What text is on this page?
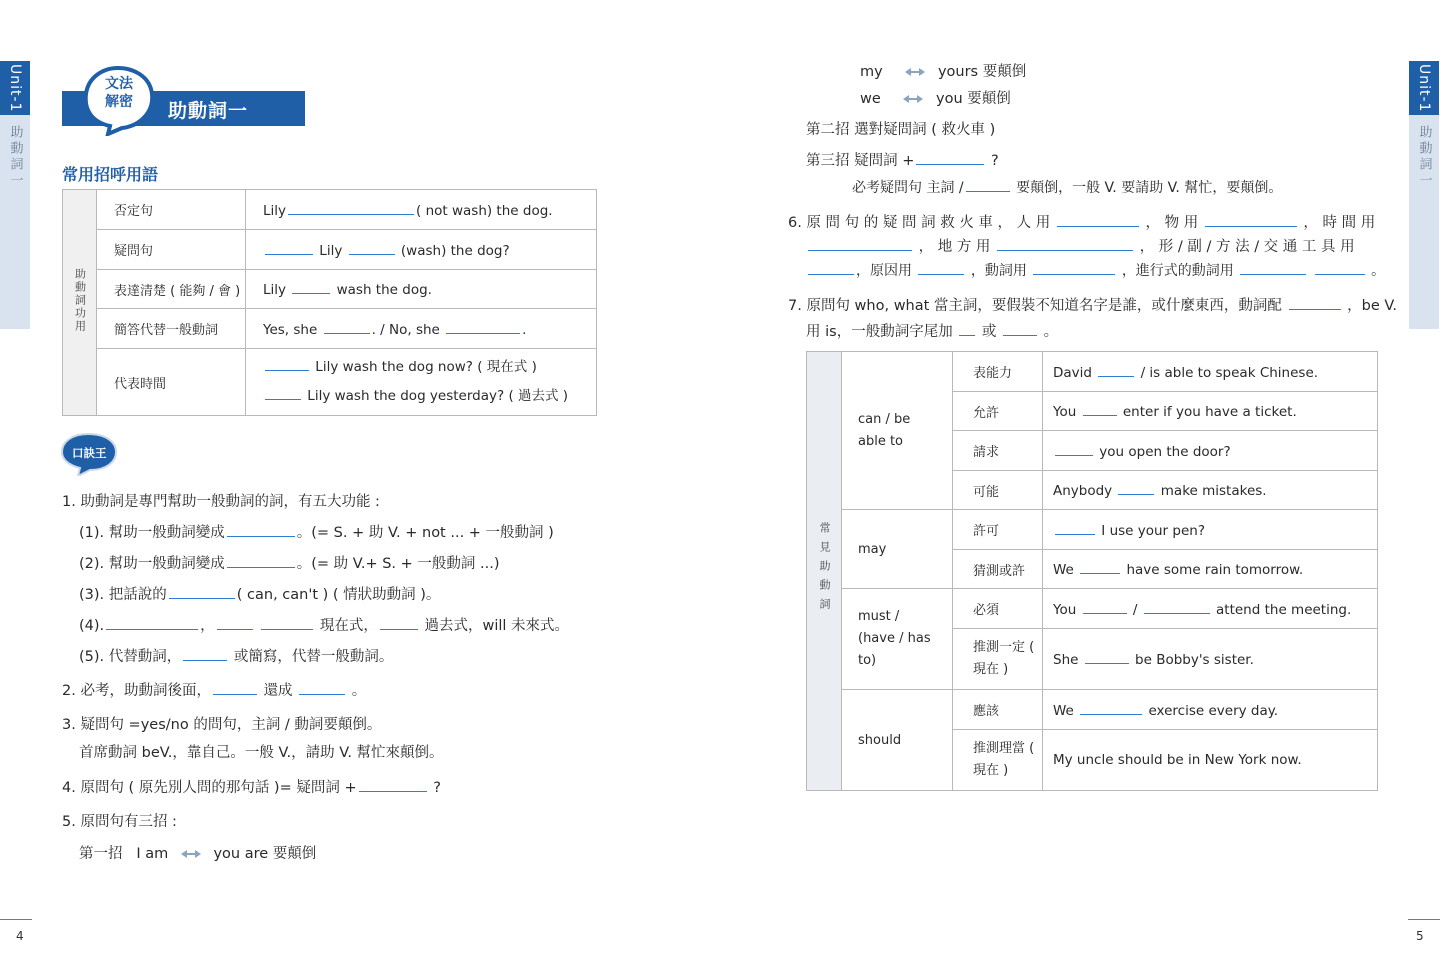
Unit-1
助動詞一
Unit-1
助動詞一
文法
解密 助動詞一
常用招呼用語
助動詞功用	否定句	Lily ( not wash) the dog.
	疑問句	Lily (wash) the dog?
	表達清楚 ( 能夠 / 會 )	Lily wash the dog.
	簡答代替一般動詞	Yes, she . / No, she .
	代表時間	Lily wash the dog now? ( 現在式 )
Lily wash the dog yesterday? ( 過去式 )
口訣王
1. 助動詞是專門幫助一般動詞的詞，有五大功能 :
(1). 幫助一般動詞變成	。(= S. + 助 V. + not ... + 一般動詞 )
(2). 幫助一般動詞變成	。(= 助 V.+ S. + 一般動詞 ...)
(3). 把話說的	( can, can't ) ( 情狀助動詞 )。
(4).	，	現在式，	過去式，will 未來式。
(5). 代替動詞，	或簡寫，代替一般動詞。
2. 必考，助動詞後面，	還成	。
3. 疑問句 =yes/no 的問句，主詞 / 動詞要顛倒。
首席動詞 beV.，靠自己。一般 V.，請助 V. 幫忙來顛倒。
4. 原問句 ( 原先別人問的那句話 )= 疑問詞 +	?
5. 原問句有三招 :
第一招 I am	you are 要顛倒
my	yours 要顛倒
we	you 要顛倒
第二招 選對疑問詞 ( 救火車 )
第三招 疑問詞 +	?
必考疑問句 主詞 /	要顛倒，一般 V. 要請助 V. 幫忙，要顛倒。
6. 原 問 句 的 疑 問 詞 救 火 車 ， 人 用	， 物 用	， 時 間 用
， 地 方 用	， 形 / 副 / 方 法 / 交 通 工 具 用
，原因用	，動詞用	，進行式的動詞用	。
7. 原問句 who, what 當主詞，要假裝不知道名字是誰，或什麼東西，動詞配	，be V.
用 is，一般動詞字尾加 或	。
常見助動詞	can / be able to	表能力	David / is able to speak Chinese.
		允許	You enter if you have a ticket.
		請求	you open the door?
		可能	Anybody make mistakes.
	may	許可	I use your pen?
		猜測或許	We have some rain tomorrow.
	must / (have / has to)	必須	You / attend the meeting.
		推測一定 ( 現在 )	She be Bobby's sister.
	should	應該	We exercise every day.
		推測理當 ( 現在 )	My uncle should be in New York now.
4	5
